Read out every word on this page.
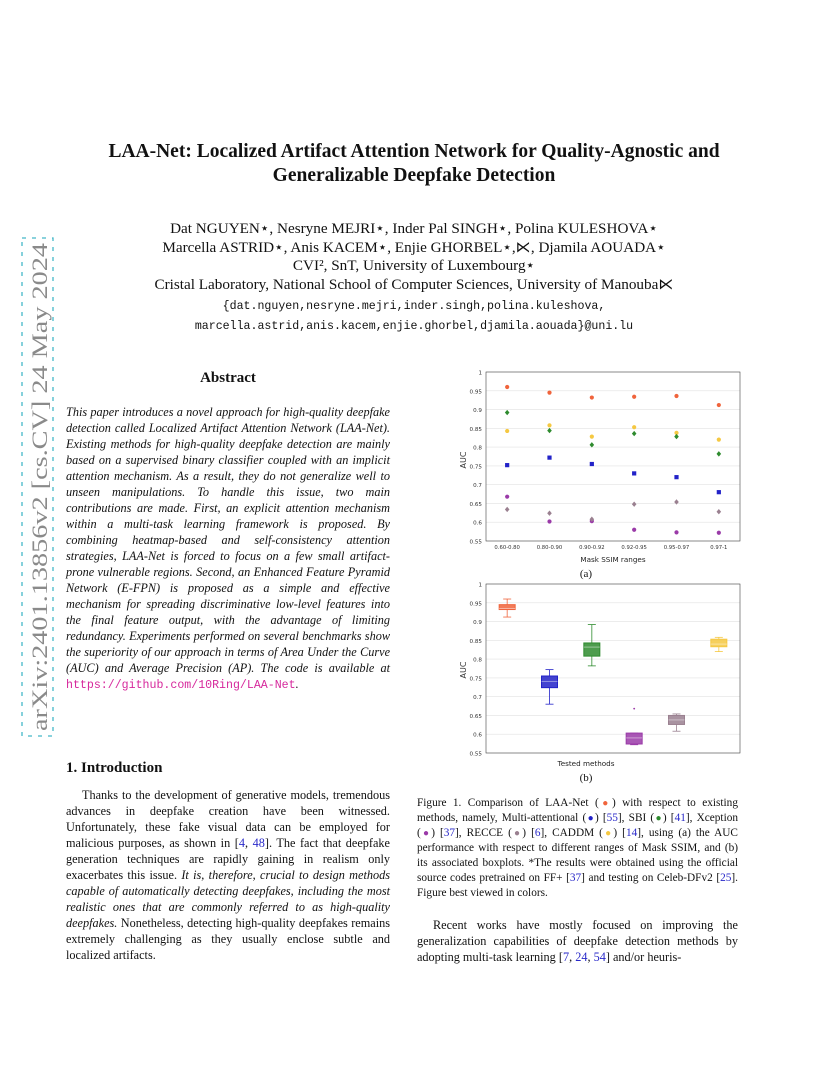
arXiv:2401.13856v2 [cs.CV] 24 May 2024
LAA-Net: Localized Artifact Attention Network for Quality-Agnostic and
Generalizable Deepfake Detection
Dat NGUYEN⋆, Nesryne MEJRI⋆, Inder Pal SINGH⋆, Polina KULESHOVA⋆
Marcella ASTRID⋆, Anis KACEM⋆, Enjie GHORBEL⋆,⋉, Djamila AOUADA⋆
CVI², SnT, University of Luxembourg⋆
Cristal Laboratory, National School of Computer Sciences, University of Manouba⋉
{dat.nguyen,nesryne.mejri,inder.singh,polina.kuleshova,
marcella.astrid,anis.kacem,enjie.ghorbel,djamila.aouada}@uni.lu
Abstract
This paper introduces a novel approach for high-quality deepfake detection called Localized Artifact Attention Network (LAA-Net). Existing methods for high-quality deepfake detection are mainly based on a supervised binary classifier coupled with an implicit attention mechanism. As a result, they do not generalize well to unseen manipulations. To handle this issue, two main contributions are made. First, an explicit attention mechanism within a multi-task learning framework is proposed. By combining heatmap-based and self-consistency attention strategies, LAA-Net is forced to focus on a few small artifact-prone vulnerable regions. Second, an Enhanced Feature Pyramid Network (E-FPN) is proposed as a simple and effective mechanism for spreading discriminative low-level features into the final feature output, with the advantage of limiting redundancy. Experiments performed on several benchmarks show the superiority of our approach in terms of Area Under the Curve (AUC) and Average Precision (AP). The code is available at https://github.com/10Ring/LAA-Net.
1. Introduction

Thanks to the development of generative models, tremendous advances in deepfake creation have been witnessed. Unfortunately, these fake visual data can be employed for malicious purposes, as shown in [4, 48]. The fact that deepfake generation techniques are rapidly gaining in realism only exacerbates this issue. It is, therefore, crucial to design methods capable of automatically detecting deepfakes, including the most realistic ones that are commonly referred to as high-quality deepfakes. Nonetheless, detecting high-quality deepfakes remains extremely challenging as they usually enclose subtle and localized artifacts.

0.55
0.6
0.65
0.7
0.75
0.8
0.85
0.9
0.95
1
0.60-0.80	0.80-0.90	0.90-0.92	0.92-0.95	0.95-0.97	0.97-1
AUC
Mask SSIM ranges
(a)
0.55
0.6
0.65
0.7
0.75
0.8
0.85
0.9
0.95
1
AUC
Tested methods
(b)
Figure 1. Comparison of LAA-Net (●) with respect to existing methods, namely, Multi-attentional (●) [55], SBI (●) [41], Xception (●) [37], RECCE (●) [6], CADDM (●) [14], using (a) the AUC performance with respect to different ranges of Mask SSIM, and (b) its associated boxplots. *The results were obtained using the official source codes pretrained on FF+ [37] and testing on Celeb-DFv2 [25]. Figure best viewed in colors.

Recent works have mostly focused on improving the generalization capabilities of deepfake detection methods by adopting multi-task learning [7, 24, 54] and/or heuris-
